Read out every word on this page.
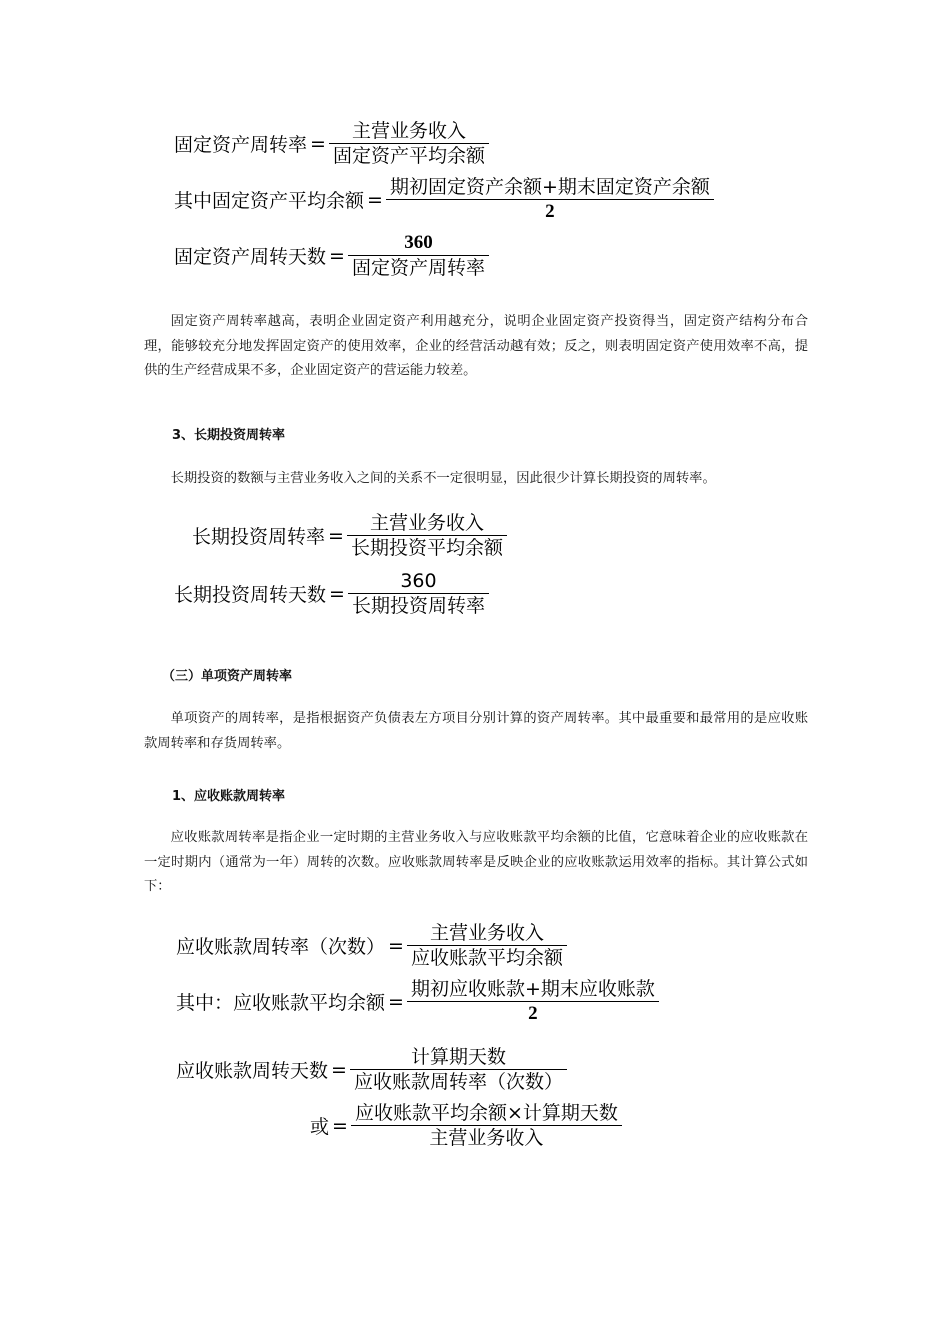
固定资产周转率 = $\frac{\text{主营业务收入}}{\text{固定资产平均余额}}$
其中固定资产平均余额 = $\frac{\text{期初固定资产余额+期末固定资产余额}}{2}$
固定资产周转天数 = $\frac{360}{\text{固定资产周转率}}$

固定资产周转率越高，表明企业固定资产利用越充分，说明企业固定资产投资得当，固定资产结构分布合理，能够较充分地发挥固定资产的使用效率，企业的经营活动越有效；反之，则表明固定资产使用效率不高，提供的生产经营成果不多，企业固定资产的营运能力较差。

3、长期投资周转率

长期投资的数额与主营业务收入之间的关系不一定很明显，因此很少计算长期投资的周转率。

长期投资周转率 = $\frac{\text{主营业务收入}}{\text{长期投资平均余额}}$
长期投资周转天数 = $\frac{360}{\text{长期投资周转率}}$
（三）单项资产周转率

单项资产的周转率，是指根据资产负债表左方项目分别计算的资产周转率。其中最重要和最常用的是应收账款周转率和存货周转率。

1、应收账款周转率

应收账款周转率是指企业一定时期的主营业务收入与应收账款平均余额的比值，它意味着企业的应收账款在一定时期内（通常为一年）周转的次数。应收账款周转率是反映企业的应收账款运用效率的指标。其计算公式如下：

应收账款周转率（次数） = $\frac{\text{主营业务收入}}{\text{应收账款平均余额}}$
其中：应收账款平均余额 = $\frac{\text{期初应收账款+期末应收账款}}{2}$
应收账款周转天数 = $\frac{\text{计算期天数}}{\text{应收账款周转率（次数）}}$
或 = $\frac{\text{应收账款平均余额×计算期天数}}{\text{主营业务收入}}$
